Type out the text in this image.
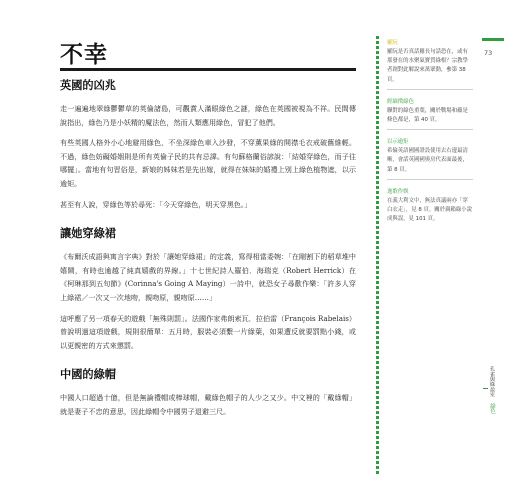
不幸
英國的凶兆

走一遍遍地翠綠鬱鬱草的英倫諸島，可觀賞人滿眼綠色之謎，綠色在英國被視為不祥。民間傳說指出，綠色乃是小妖精的魔法色，然而人類應用綠色，冒犯了他們。

有些英國人格外小心地避用綠色，不坐深綠色車入沙發，不穿薰果綠的開襟毛衣戒破舊維輕。不過，綠色妨礙婚姻則是所有英倫子民的共有忌諱。有句蘇格蘭俗諺說：「結婚穿綠色，而子往哪擺」。當地有句習俗是，新娘的姊妹若是先出嫁，就得在妹妹的婚禮上別上綠色植物遮，以示逾矩。

甚至有人說，穿綠色等於尋死：「今天穿綠色，明天穿黑色。」

讓她穿綠裙

《布爾沃成語與寓言字典》對於「讓她穿綠裙」的定義，寫得相當委婉：「在剛割下的稻草堆中嬉鬧，有時也逾越了純真嬉戲的界線。」十七世紀詩人羅伯．海瑞克（Robert Herrick）在《柯琳那到五旬節》(Corinna's Going A Maying）一詩中，就恐女子尋歡作樂：「許多人穿上綠裙／一次又一次地吻，親吻原，親吻原……」

這呼應了另一項春天的遊戲「無殊則罰」。法國作家弗朗索瓦．拉伯雷（François Rabelais）曾說明過這項遊戲，規則很簡單：五月時，服裝必須繫一片綠葉，如果遭反就要罰點小錢，或以更親密的方式來懲罰。

中國的綠帽

中國人口超過十億，但是無論禮帽或棒球帽，戴綠色帽子的人少之又少。中文裡的「戴綠帽」就是妻子不忠的意思，因此綠帽令中國男子退避三尺。

羅阮
羅阮是否真話羅長句話恐在，或有那發在的水聚氣寶質綠根？宗教學者創對此解說來萬眾動，參第 38 頁。
經綸徵綠色
聯對的綠色重葉，關於戰場和蘊是條色都是，第 40 頁。
以示逾矩
希倫英語國國證設使用去右邊最清晰，會話英國國奧房代表面最後，第 8 頁。
逸歌作娛
在義大利文中，無法真議兩亦「穿白衣走」，見 8 頁。關於親賴綠小說成與誤，見 101 頁。
73
孔雀與綠盈室
綠色
